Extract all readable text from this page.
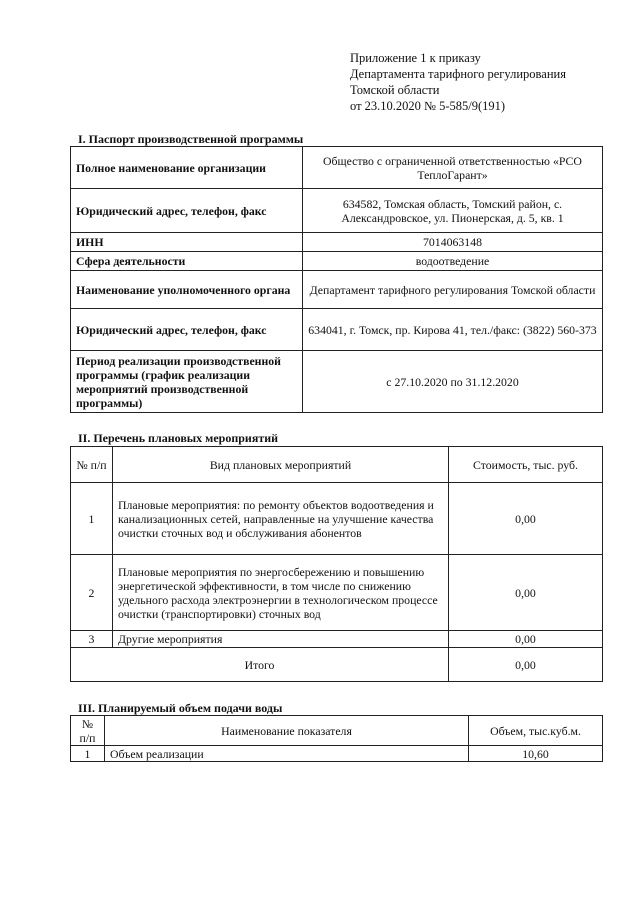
Приложение 1 к приказу
Департамента тарифного регулирования
Томской области
от 23.10.2020 № 5-585/9(191)
I. Паспорт производственной программы
Полное наименование организации	Общество с ограниченной ответственностью «РСО ТеплоГарант»
Юридический адрес, телефон, факс	634582, Томская область, Томский район, с. Александровское, ул. Пионерская, д. 5, кв. 1
ИНН	7014063148
Сфера деятельности	водоотведение
Наименование уполномоченного органа	Департамент тарифного регулирования Томской области
Юридический адрес, телефон, факс	634041, г. Томск, пр. Кирова 41, тел./факс: (3822) 560-373
Период реализации производственной программы (график реализации мероприятий производственной программы)	с 27.10.2020 по 31.12.2020
II. Перечень плановых мероприятий
№ п/п	Вид плановых мероприятий	Стоимость, тыс. руб.
1	Плановые мероприятия: по ремонту объектов водоотведения и канализационных сетей, направленные на улучшение качества очистки сточных вод и обслуживания абонентов	0,00
2	Плановые мероприятия по энергосбережению и повышению энергетической эффективности, в том числе по снижению удельного расхода электроэнергии в технологическом процессе очистки (транспортировки) сточных вод	0,00
3	Другие мероприятия	0,00
Итого		0,00
III. Планируемый объем подачи воды
№ п/п	Наименование показателя	Объем, тыс.куб.м.
1	Объем реализации	10,60
